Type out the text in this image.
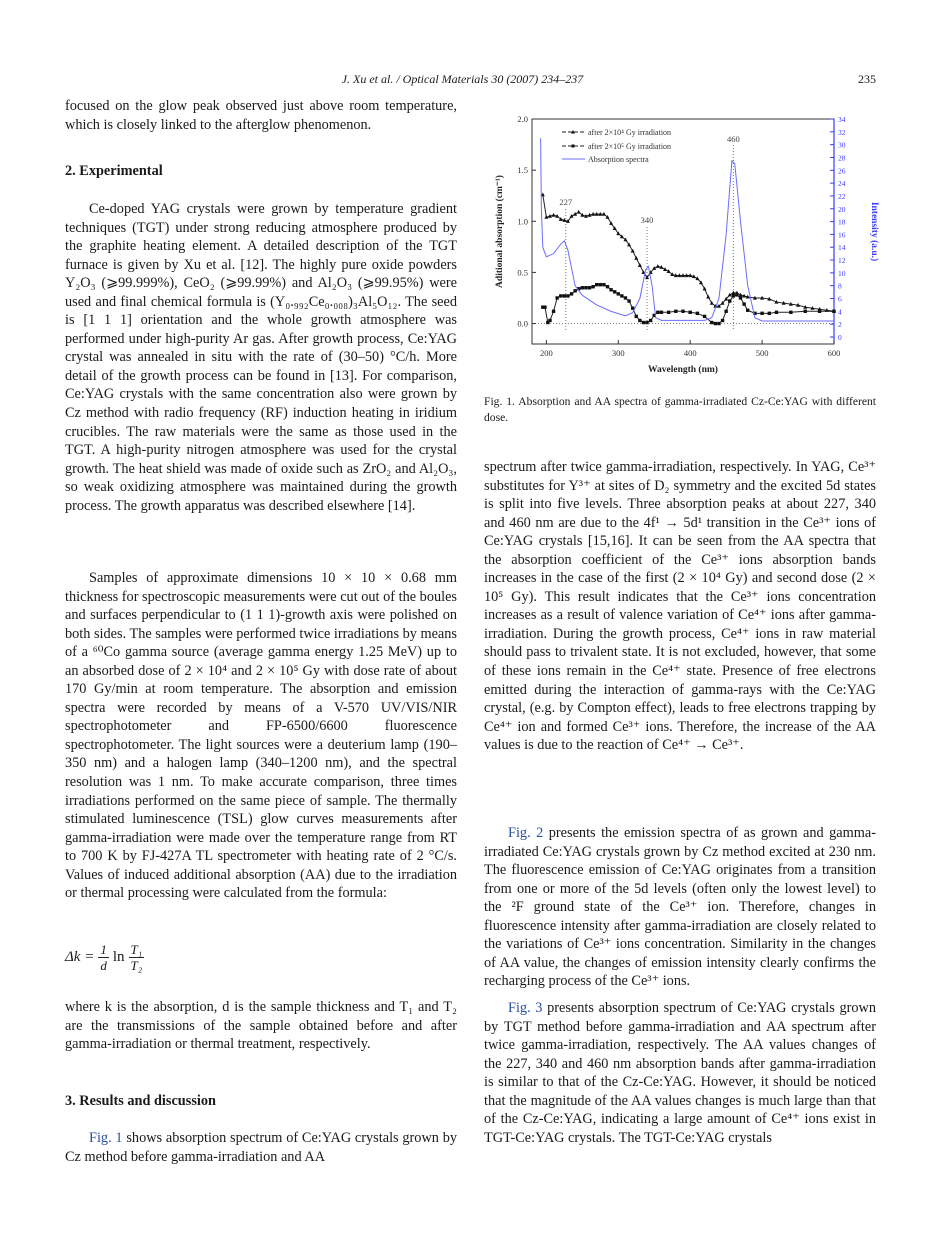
J. Xu et al. / Optical Materials 30 (2007) 234–237	235
focused on the glow peak observed just above room temperature, which is closely linked to the afterglow phenomenon.
2. Experimental
Ce-doped YAG crystals were grown by temperature gradient techniques (TGT) under strong reducing atmosphere produced by the graphite heating element. A detailed description of the TGT furnace is given by Xu et al. [12]. The highly pure oxide powders Y₂O₃ (⩾99.999%), CeO₂ (⩾99.99%) and Al₂O₃ (⩾99.95%) were used and final chemical formula is (Y₀.₉₉₂Ce₀.₀₀₈)₃Al₅O₁₂. The seed is [1 1 1] orientation and the whole growth atmosphere was performed under high-purity Ar gas. After growth process, Ce:YAG crystal was annealed in situ with the rate of (30–50) °C/h. More detail of the growth process can be found in [13]. For comparison, Ce:YAG crystals with the same concentration also were grown by Cz method with radio frequency (RF) induction heating in iridium crucibles. The raw materials were the same as those used in the TGT. A high-purity nitrogen atmosphere was used for the crystal growth. The heat shield was made of oxide such as ZrO₂ and Al₂O₃, so weak oxidizing atmosphere was maintained during the growth process. The growth apparatus was described elsewhere [14].
Samples of approximate dimensions 10 × 10 × 0.68 mm thickness for spectroscopic measurements were cut out of the boules and surfaces perpendicular to (1 1 1)-growth axis were polished on both sides. The samples were performed twice irradiations by means of a ⁶⁰Co gamma source (average gamma energy 1.25 MeV) up to an absorbed dose of 2 × 10⁴ and 2 × 10⁵ Gy with dose rate of about 170 Gy/min at room temperature. The absorption and emission spectra were recorded by means of a V-570 UV/VIS/NIR spectrophotometer and FP-6500/6600 fluorescence spectrophotometer. The light sources were a deuterium lamp (190–350 nm) and a halogen lamp (340–1200 nm), and the spectral resolution was 1 nm. To make accurate comparison, three times irradiations performed on the same piece of sample. The thermally stimulated luminescence (TSL) glow curves measurements after gamma-irradiation were made over the temperature range from RT to 700 K by FJ-427A TL spectrometer with heating rate of 2 °C/s. Values of induced additional absorption (AA) due to the irradiation or thermal processing were calculated from the formula:
$\Delta k = \frac{1}{d}$ $\ln \frac{\text{T₁}}{\text{T₂}}$
where k is the absorption, d is the sample thickness and T₁ and T₂ are the transmissions of the sample obtained before and after gamma-irradiation or thermal treatment, respectively.
3. Results and discussion
Fig. 1 shows absorption spectrum of Ce:YAG crystals grown by Cz method before gamma-irradiation and AA
200	300	400	500	600
0.0
0.5
1.0
1.5
2.0
0
2
4
6
8
10
12
14
16
18
20
22
24
26
28
30
32
34
Wavelength (nm)
Aditional absorption (cm⁻¹)	Intensity (a.u.)
227
340
460
after 2×10⁴ Gy irradiation
after 2×10⁵ Gy irradiation
Absorption spectra
Fig. 1. Absorption and AA spectra of gamma-irradiated Cz-Ce:YAG with different dose.
spectrum after twice gamma-irradiation, respectively. In YAG, Ce³⁺ substitutes for Y³⁺ at sites of D₂ symmetry and the excited 5d states is split into five levels. Three absorption peaks at about 227, 340 and 460 nm are due to the 4f¹ → 5d¹ transition in the Ce³⁺ ions of Ce:YAG crystals [15,16]. It can be seen from the AA spectra that the absorption coefficient of the Ce³⁺ ions absorption bands increases in the case of the first (2 × 10⁴ Gy) and second dose (2 × 10⁵ Gy). This result indicates that the Ce³⁺ ions concentration increases as a result of valence variation of Ce⁴⁺ ions after gamma-irradiation. During the growth process, Ce⁴⁺ ions in raw material should pass to trivalent state. It is not excluded, however, that some of these ions remain in the Ce⁴⁺ state. Presence of free electrons emitted during the interaction of gamma-rays with the Ce:YAG crystal, (e.g. by Compton effect), leads to free electrons trapping by Ce⁴⁺ ion and formed Ce³⁺ ions. Therefore, the increase of the AA values is due to the reaction of Ce⁴⁺ → Ce³⁺.
Fig. 2 presents the emission spectra of as grown and gamma-irradiated Ce:YAG crystals grown by Cz method excited at 230 nm. The fluorescence emission of Ce:YAG originates from a transition from one or more of the 5d levels (often only the lowest level) to the ²F ground state of the Ce³⁺ ion. Therefore, changes in fluorescence intensity after gamma-irradiation are closely related to the variations of Ce³⁺ ions concentration. Similarity in the changes of AA value, the changes of emission intensity clearly confirms the recharging process of the Ce³⁺ ions.
Fig. 3 presents absorption spectrum of Ce:YAG crystals grown by TGT method before gamma-irradiation and AA spectrum after twice gamma-irradiation, respectively. The AA values changes of the 227, 340 and 460 nm absorption bands after gamma-irradiation is similar to that of the Cz-Ce:YAG. However, it should be noticed that the magnitude of the AA values changes is much large than that of the Cz-Ce:YAG, indicating a large amount of Ce⁴⁺ ions exist in TGT-Ce:YAG crystals. The TGT-Ce:YAG crystals
